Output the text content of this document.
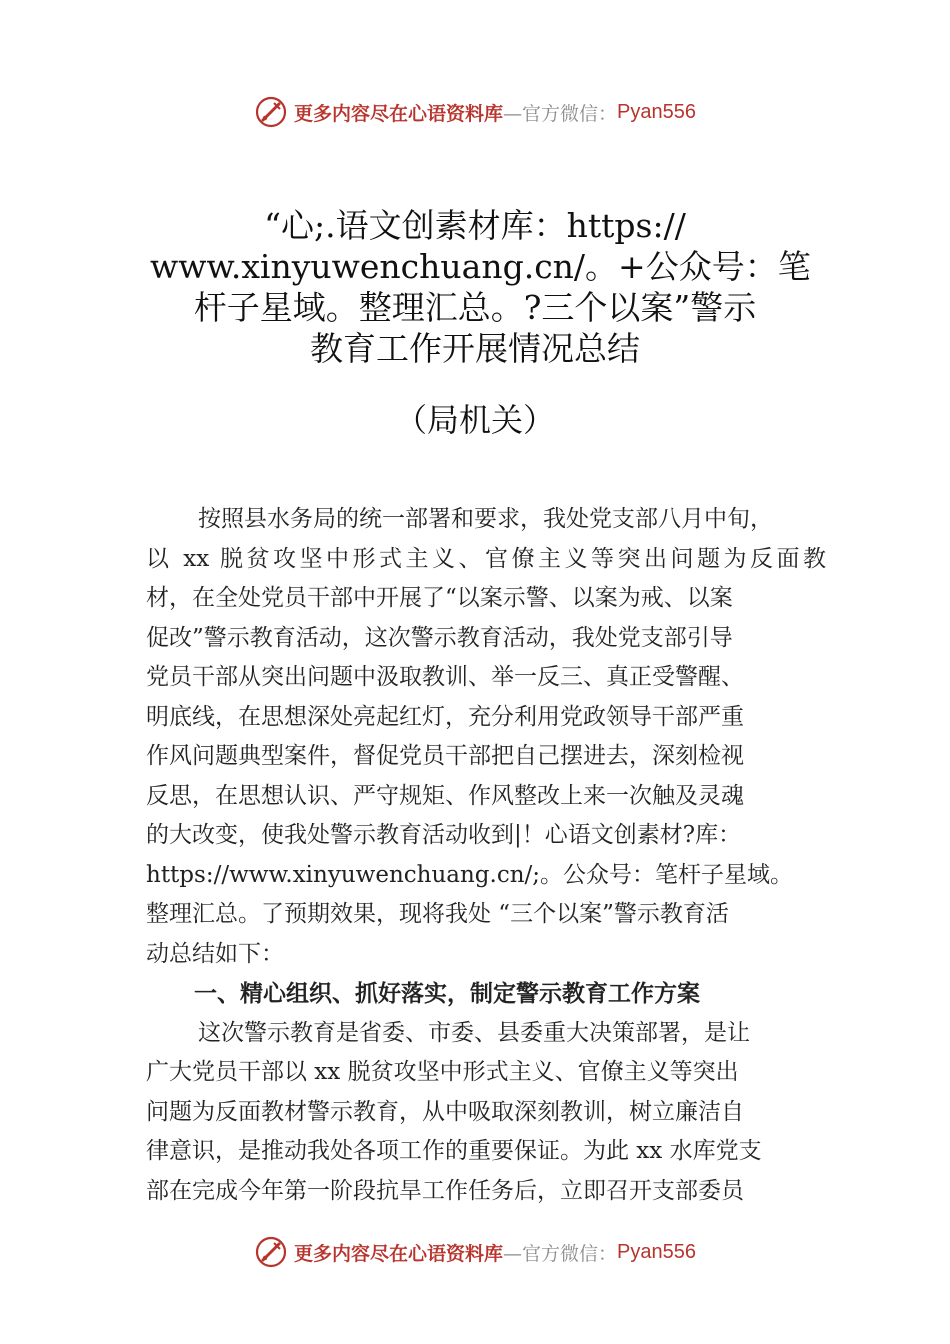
更多内容尽在心语资料库 —官方微信： Pyan556
“心;.语文创素材库：https://
www.xinyuwenchuang.cn/。+公众号：笔
杆子星域。整理汇总。?三个以案”警示
教育工作开展情况总结
（局机关）
按照县水务局的统一部署和要求，我处党支部八月中旬，
以 xx 脱贫攻坚中形式主义、官僚主义等突出问题为反面教
材，在全处党员干部中开展了“以案示警、以案为戒、以案
促改”警示教育活动，这次警示教育活动，我处党支部引导
党员干部从突出问题中汲取教训、举一反三、真正受警醒、
明底线，在思想深处亮起红灯，充分利用党政领导干部严重
作风问题典型案件，督促党员干部把自己摆进去，深刻检视
反思，在思想认识、严守规矩、作风整改上来一次触及灵魂
的大改变，使我处警示教育活动收到|！心语文创素材?库：
https://www.xinyuwenchuang.cn/;。公众号：笔杆子星域。
整理汇总。了预期效果，现将我处 “三个以案”警示教育活
动总结如下：
一、精心组织、抓好落实，制定警示教育工作方案
这次警示教育是省委、市委、县委重大决策部署，是让
广大党员干部以 xx 脱贫攻坚中形式主义、官僚主义等突出
问题为反面教材警示教育，从中吸取深刻教训，树立廉洁自
律意识，是推动我处各项工作的重要保证。为此 xx 水库党支
部在完成今年第一阶段抗旱工作任务后，立即召开支部委员
更多内容尽在心语资料库 —官方微信： Pyan556
